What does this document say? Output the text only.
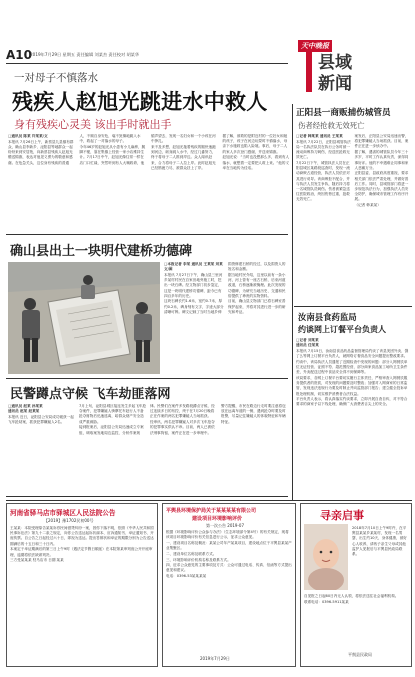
A10
2019年7月29日 星期五 责任编辑 刘某杰 责任校对 胡某华
天中晚报
县域
新闻
一对母子不慎落水
残疾人赵旭光跳进水中救人
身有残疾心灵美 该出手时就出手

□通讯员 陈某 许某某/文

本报讯 7月26日上午，新蔡县九县镇有群众，确山县李新乡、泌阳县等地群众一起纷纷来到安居苑，向新蔡县残疾人赵旭光赠送锦旗，表达对他见义勇为的敬意和感谢。在危急关头，这位身有残疾的普通人，不顾自身安危，毫不犹豫地跳入水中，救起了一对落水的母子。

今年46岁的赵旭光从小患有小儿麻痹，腿脚不便，靠在集镇上经营一家小店维持生计。7月17日中午，赵旭光像往常一样在店门口忙碌，突然听到有人大喊救命，他循声望去，发现一名妇女和一个小孩在河中挣扎。

来不及多想，赵旭光拖着残疾的腿快速跑到河边，纵身跳入水中，经过几番努力，终于将母子二人推到岸边。众人闻讯赶来，合力将母子二人拉上岸。此时赵旭光已经筋疲力尽，被群众扶上了岸。

据了解，被救的是附近村的一位妇女和她的孩子，孩子在河边玩耍时不慎落水，母亲下水施救也陷入险境。事后，母子二人的家人多次登门感谢，并送来锦旗。

赵旭光说：“当时也没想那么多，看到有人落水，就想着一定要把人救上来。”他的义举在当地传为佳话。

确山县出土一块明代建桥功德碑

□本报记者 李某 通讯员 王某某 刘某 文/图

本报讯 7月27日下午，确山县三里河乡某村村民在自家田地旁施工时，挖出一块石碑。经文物部门初步鉴定，这是一块明代建桥功德碑，距今已有四百多年的历史。

这块石碑长约1.6米，宽约0.7米，厚约0.2米，碑身刻有文字，字迹大部分清晰可辨。碑文记载了当时当地乡绅捐资修建石桥的经过，以及捐资人的姓名和金额。

据当地村民介绍，这里以前有一条小河，河上曾有一座古石桥，后来河道改道，石桥逐渐被掩埋。此次发现的功德碑，为研究当地历史、交通和民俗提供了珍贵的实物资料。

目前，确山县文物部门已将石碑妥善保护起来，并将对其进行进一步的研究和考证。

民警蹲点守候 飞车劫匪落网

□通讯员 赵某 孙某某
通讯员 赵某 赵某某

本报讯 近日，泌阳县公安局成功破获一起飞车抢劫案，抓获犯罪嫌疑人2名。

7月上旬，泌阳县城区接连发生多起飞车抢夺案件，犯罪嫌疑人骑摩托车趁行人不备抢夺财物后迅速逃离，给群众财产安全造成严重威胁。

接到报案后，泌阳县公安局迅速成立专案组，调取案发地周边监控，分析作案规律。民警们在案件多发路段蹲点守候，经过连续多日的布控，终于在7月20日晚将正在作案的两名犯罪嫌疑人当场抓获。

经审讯，两名犯罪嫌疑人对多次飞车抢夺的犯罪事实供认不讳。目前，两人已被依法刑事拘留，案件正在进一步审理中。

警方提醒，市民在路边行走时要注意将包放在远离车道的一侧，遇到抢夺时要及时报警，尽量记住嫌疑人的体貌特征和车辆特征。

正阳县一商贩捕伤城管员
伤者经抢救无效死亡

□记者 韩某某 通讯员 王某某

本报讯 7月22日，正阳县城管执法局一名执法队员在执行公务时被一流动商贩持刀刺伤，经送医抢救无效死亡。

7月22日下午，城管执法人员在正阳县城区某路段巡查时，发现一流动商贩占道经营，执法人员依法对其进行劝导。该商贩拒不配合，并与执法人员发生争执，随后持刀将一名城管队员刺伤。伤者被紧急送往医院救治，终因伤势过重，抢救无效死亡。

案发后，正阳县公安局迅速出警，将犯罪嫌疑人当场抓获。目前，案件正在进一步侦办中。

据了解，遇害的城管队员今年三十多岁，平时工作认真负责，深得同事好评。他的不幸遇难让同事和家人悲痛万分。

正阳县委、县政府高度重视，要求相关部门依法严肃处理，并做好善后工作。同时，县城管部门将进一步规范执法行为，加强执法人员安全防护，确保城市管理工作有序开展。

（记者 韩某某）

汝南县食药监局
约谈网上订餐平台负责人

□记者 刘某某
通讯员 任某某

本报讯 7月15日，汝南县食品药品监督管理局约谈了该县美团外卖、饿了么等网上订餐平台负责人，就网络订餐食品安全问题提出整改要求。

约谈中，该局执法人员通报了近期检查中发现的问题：部分入网餐饮单位无证经营、证照不符、超范围经营，部分商家食品加工场所卫生条件差，外卖配送过程中食品安全得不到保障等。

该局要求，各网上订餐平台要切实履行主体责任，严格审查入网餐饮服务提供者的资质，对发现的问题要及时整改；加强对入网商家的日常监管，发现违法违规行为要及时制止并向监管部门报告；建立健全投诉举报处理机制，切实维护消费者合法权益。

平台负责人表示，将认真落实约谈要求，立即开展自查自纠，对不符合要求的商家予以下线处理，确保广大消费者舌尖上的安全。

河南省驿马店市驿城区人民法院公告
【2019】豫1702民初00号

王某某：本院受理原告某某诉你民间借贷纠纷一案，因你下落不明，依照《中华人民共和国民事诉讼法》第九十二条之规定，向你公告送达起诉状副本、应诉通知书、举证通知书、开庭传票。自公告之日起经过六十日，即视为送达。提出答辩状和举证的期限分别为公告送达期满后的十五日和三十日内。

本案定于举证期满后的第三日上午9时（遇法定节假日顺延）在本院第某审判庭公开开庭审理，逾期将依法缺席判决。

三方受某某某 驻马店市 日期 某某

平舆县环境保护局关于某某某某有限公司
建设项目环境影响评价
第一次公告 2019-07

根据《环境影响评价公众参与办法》（生态环境部令第4号）的有关规定，现将该项目环境影响评价有关信息进行公示，征求公众意见。

一、建设项目名称及概况：某某公司年产某某项目，建设地点位于平舆县某某产业集聚区。

二、建设单位名称及联系方式。

三、环境影响评价机构名称及联系方式。

四、征求公众意见的主要事项及方式：公众可通过电话、传真、信函等方式提出意见和建议。

电话：0396-53某某某某

寻亲启事

2018年7月10日上午9时许，在平舆县某某乡某某村，发现一名男婴，出生约10天，身体健康，被好心人收养，请孩子亲生父母或其他监护人见报后与平舆县民政局联系。

自见报之日起60日内无人认领，将依法送往社会福利机构。

联系电话：0396-5911某某

平舆县民政局
2019年7月29日
